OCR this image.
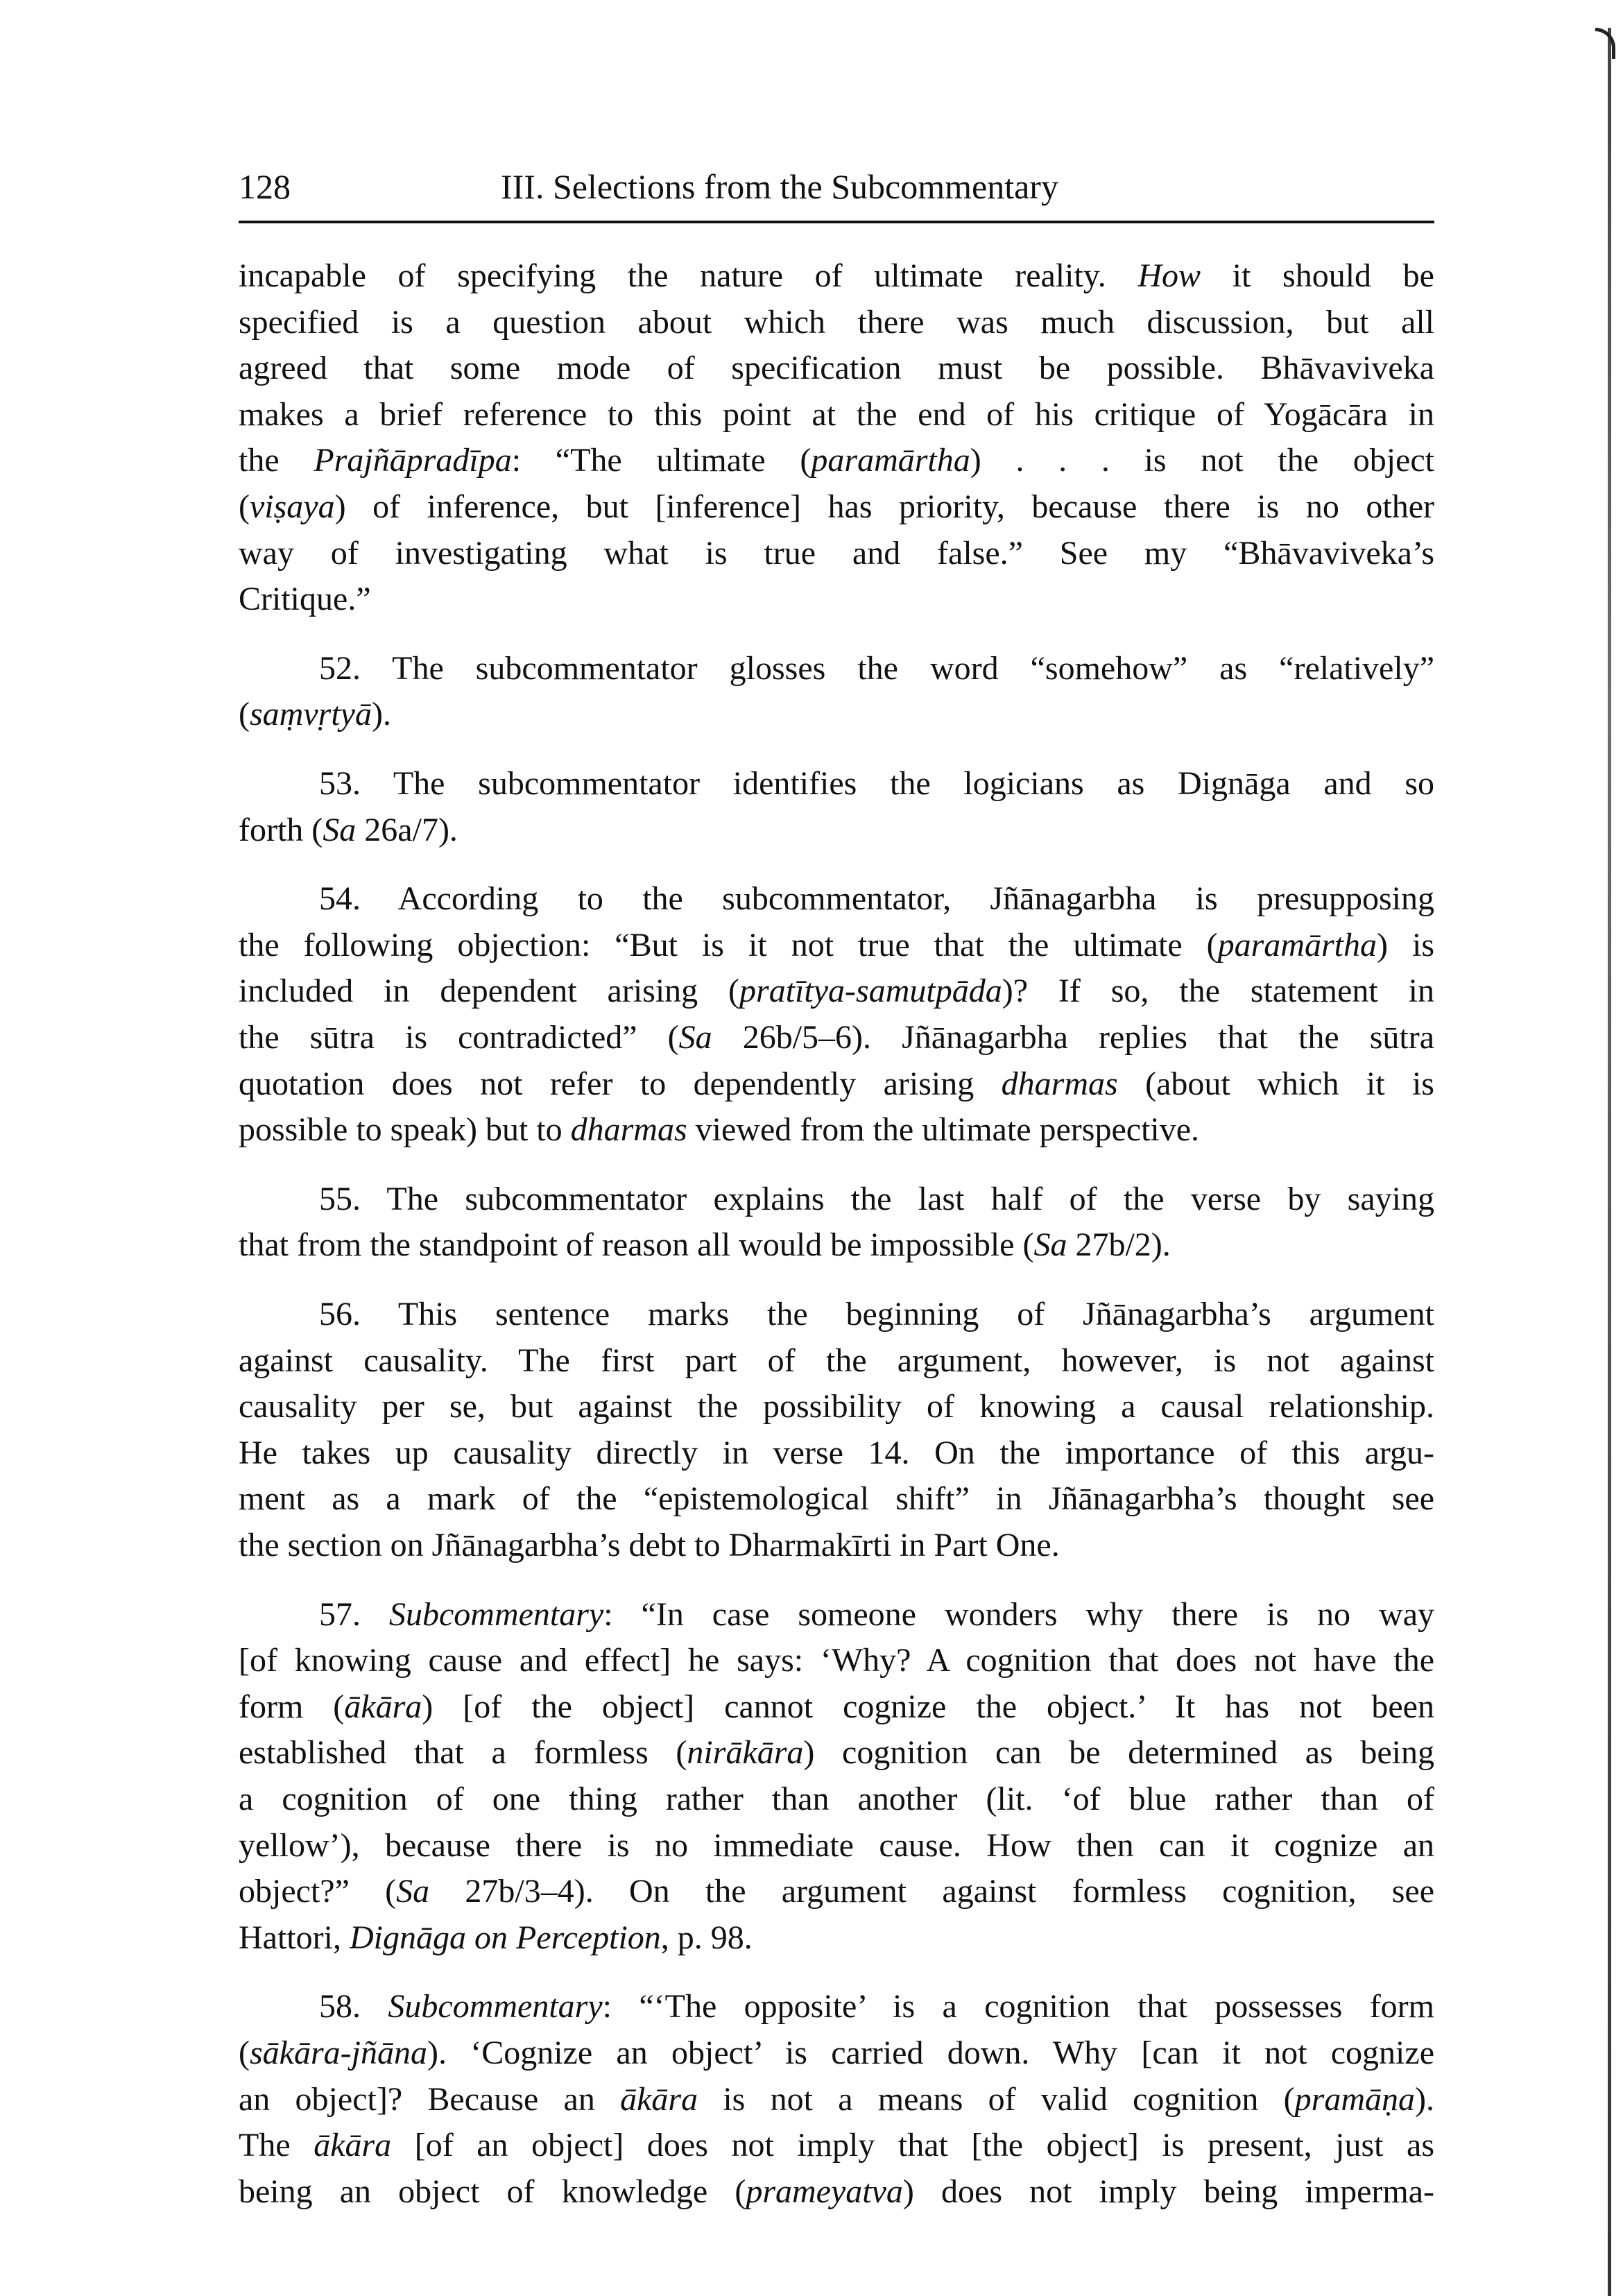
128	III. Selections from the Subcommentary
incapable of specifying the nature of ultimate reality. How it should be
specified is a question about which there was much discussion, but all
agreed that some mode of specification must be possible. Bhāvaviveka
makes a brief reference to this point at the end of his critique of Yogācāra in
the Prajñāpradīpa: “The ultimate (paramārtha) . . . is not the object
(viṣaya) of inference, but [inference] has priority, because there is no other
way of investigating what is true and false.” See my “Bhāvaviveka’s
Critique.”
52. The subcommentator glosses the word “somehow” as “relatively”
(saṃvṛtyā).
53. The subcommentator identifies the logicians as Dignāga and so
forth (Sa 26a/7).
54. According to the subcommentator, Jñānagarbha is presupposing
the following objection: “But is it not true that the ultimate (paramārtha) is
included in dependent arising (pratītya-samutpāda)? If so, the statement in
the sūtra is contradicted” (Sa 26b/5–6). Jñānagarbha replies that the sūtra
quotation does not refer to dependently arising dharmas (about which it is
possible to speak) but to dharmas viewed from the ultimate perspective.
55. The subcommentator explains the last half of the verse by saying
that from the standpoint of reason all would be impossible (Sa 27b/2).
56. This sentence marks the beginning of Jñānagarbha’s argument
against causality. The first part of the argument, however, is not against
causality per se, but against the possibility of knowing a causal relationship.
He takes up causality directly in verse 14. On the importance of this argu-
ment as a mark of the “epistemological shift” in Jñānagarbha’s thought see
the section on Jñānagarbha’s debt to Dharmakīrti in Part One.
57. Subcommentary: “In case someone wonders why there is no way
[of knowing cause and effect] he says: ‘Why? A cognition that does not have the
form (ākāra) [of the object] cannot cognize the object.’ It has not been
established that a formless (nirākāra) cognition can be determined as being
a cognition of one thing rather than another (lit. ‘of blue rather than of
yellow’), because there is no immediate cause. How then can it cognize an
object?” (Sa 27b/3–4). On the argument against formless cognition, see
Hattori, Dignāga on Perception, p. 98.
58. Subcommentary: “‘The opposite’ is a cognition that possesses form
(sākāra-jñāna). ‘Cognize an object’ is carried down. Why [can it not cognize
an object]? Because an ākāra is not a means of valid cognition (pramāṇa).
The ākāra [of an object] does not imply that [the object] is present, just as
being an object of knowledge (prameyatva) does not imply being imperma-
